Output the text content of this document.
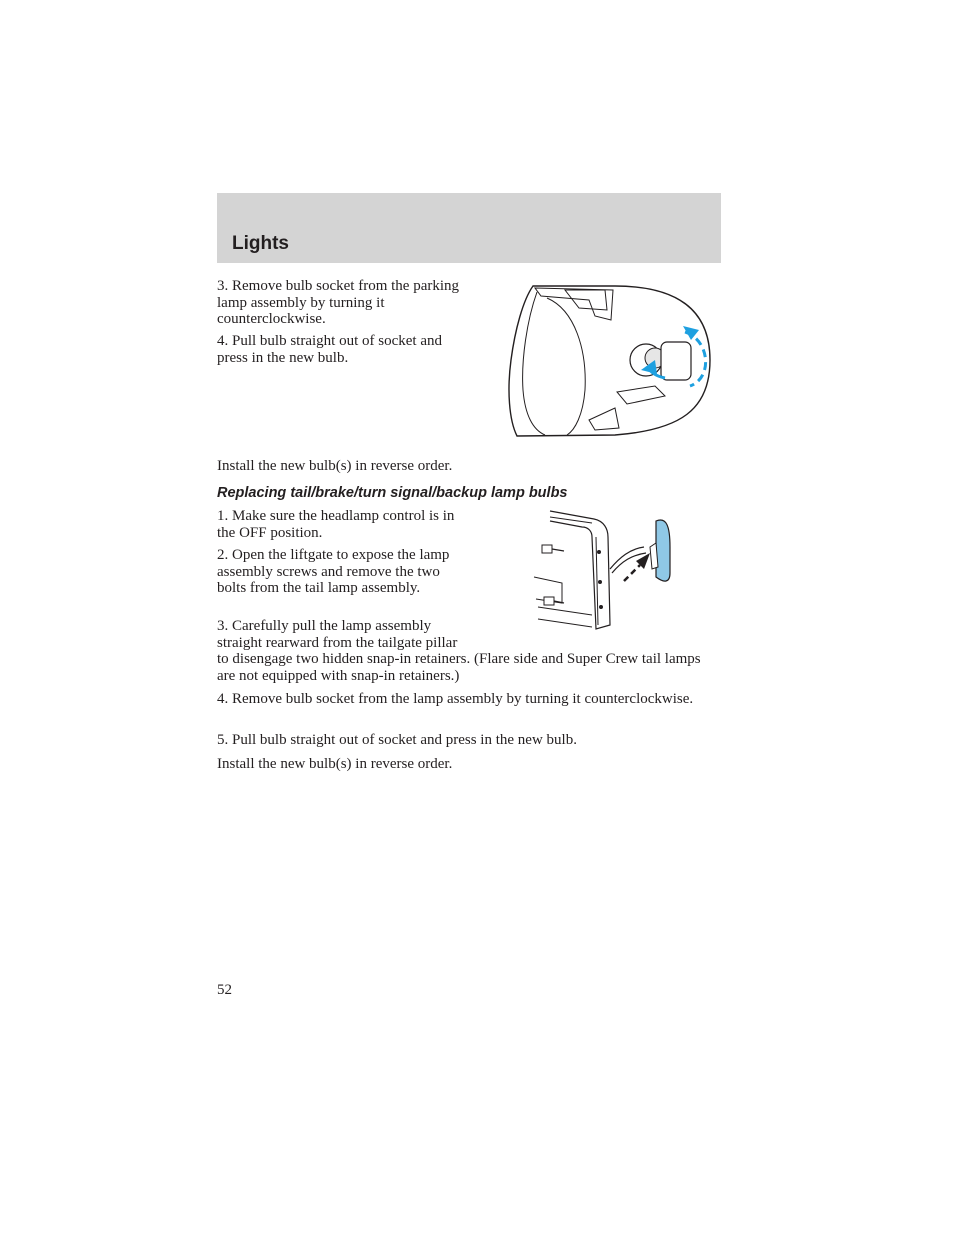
Lights

3. Remove bulb socket from the parking lamp assembly by turning it counterclockwise.

4. Pull bulb straight out of socket and press in the new bulb.

Install the new bulb(s) in reverse order.

Replacing tail/brake/turn signal/backup lamp bulbs

1. Make sure the headlamp control is in the OFF position.

2. Open the liftgate to expose the lamp assembly screws and remove the two bolts from the tail lamp assembly.

3. Carefully pull the lamp assembly straight rearward from the tailgate pillar to disengage two hidden snap-in retainers. (Flare side and Super Crew tail lamps are not equipped with snap-in retainers.)

4. Remove bulb socket from the lamp assembly by turning it counterclockwise.

5. Pull bulb straight out of socket and press in the new bulb.

Install the new bulb(s) in reverse order.

52
